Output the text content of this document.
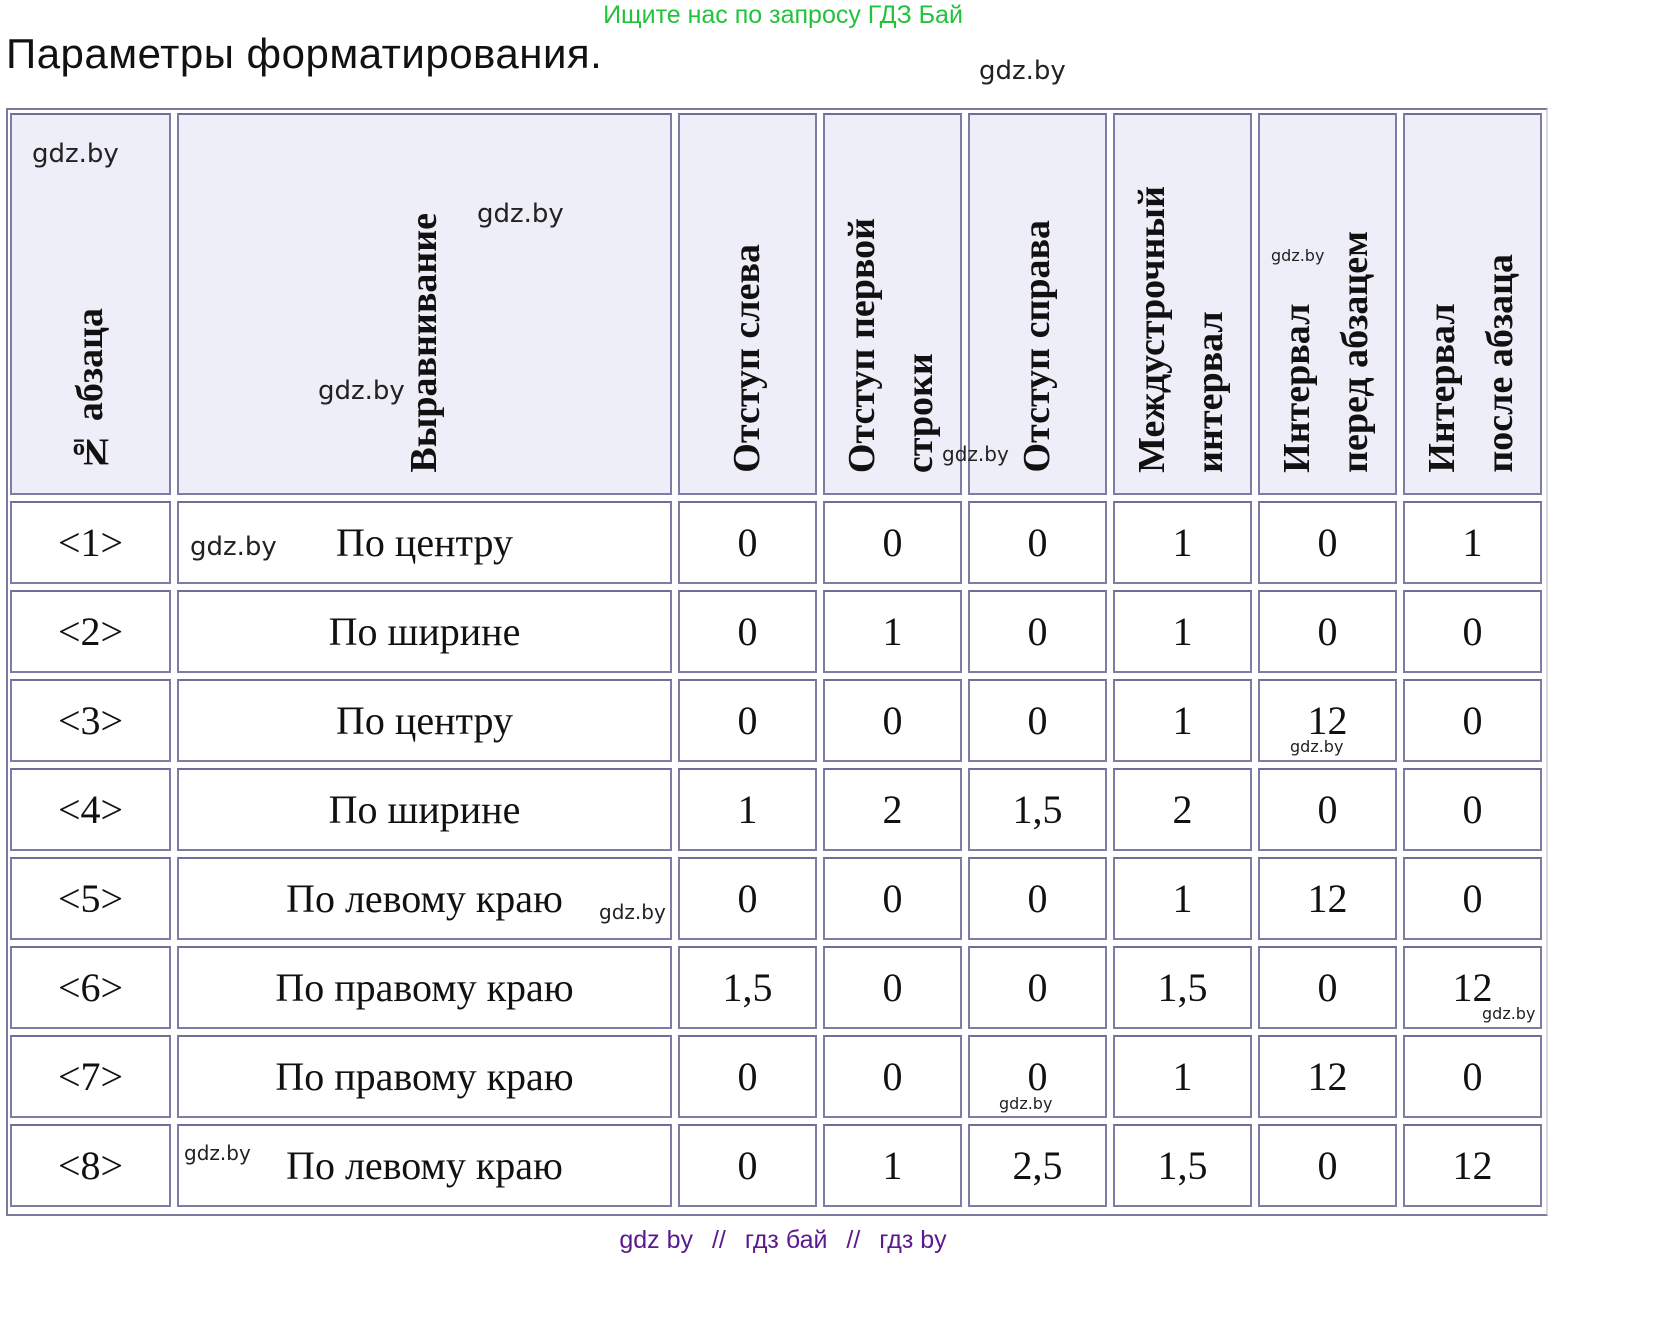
Ищите нас по запросу ГДЗ Бай
Параметры форматирования.	gdz.by
№ абзаца	Выравнивание	Отступ слева	Отступ первой строки	Отступ справа	Междустрочный интервал	Интервал перед абзацем	Интервал после абзаца

<1>	По центру	0	0	0	1	0	1
<2>	По ширине	0	1	0	1	0	0
<3>	По центру	0	0	0	1	12	0
<4>	По ширине	1	2	1,5	2	0	0
<5>	По левому краю	0	0	0	1	12	0
<6>	По правому краю	1,5	0	0	1,5	0	12
<7>	По правому краю	0	0	0	1	12	0
<8>	По левому краю	0	1	2,5	1,5	0	12
gdz.by
gdz.by
gdz.by
gdz.by
gdz.by
gdz.by
gdz.by
gdz.by
gdz.by
gdz.by
gdz.by
gdz by // гдз бай // гдз by
